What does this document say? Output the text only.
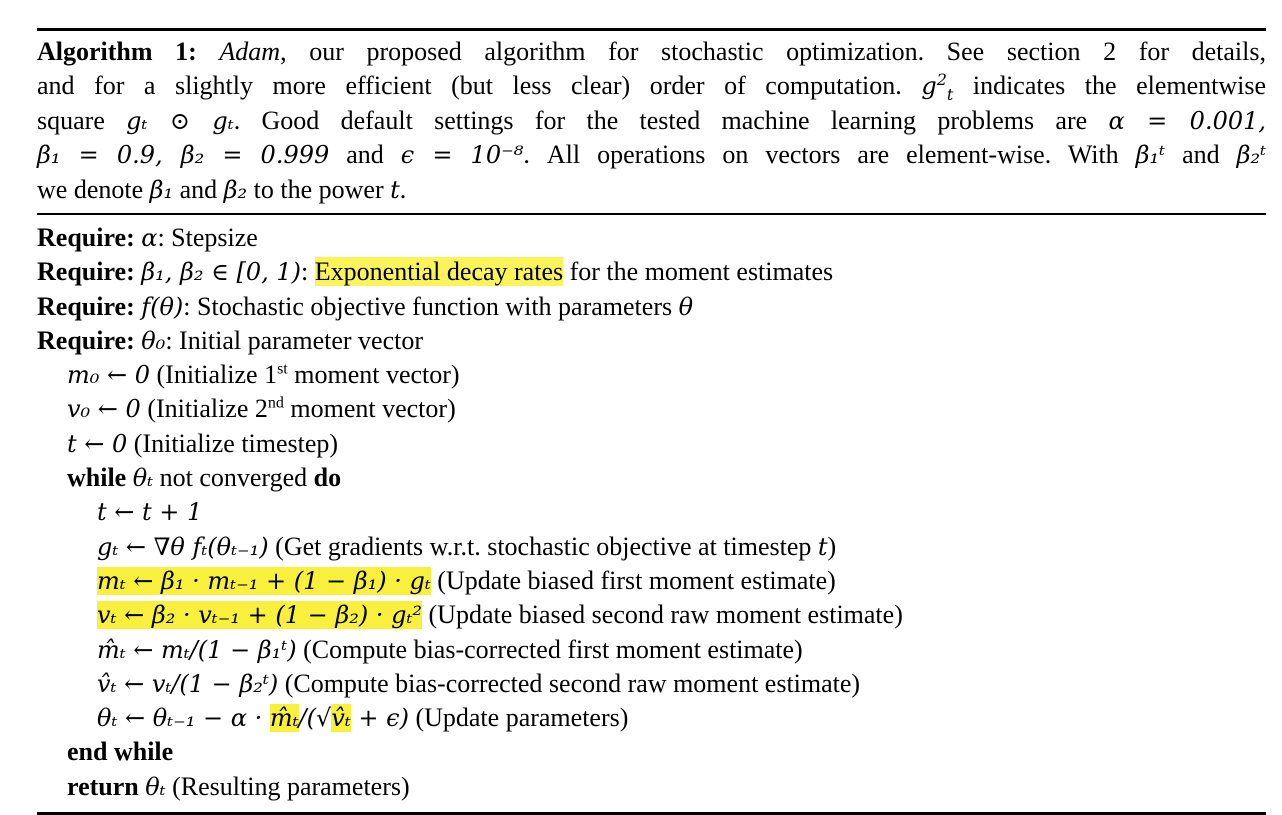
Algorithm 1: Adam, our proposed algorithm for stochastic optimization. See section 2 for details,
and for a slightly more efficient (but less clear) order of computation. $g^2_t$ indicates the elementwise
square gₜ ⊙ gₜ. Good default settings for the tested machine learning problems are α = 0.001,
β₁ = 0.9, β₂ = 0.999 and ϵ = 10⁻⁸. All operations on vectors are element-wise. With β₁ᵗ and β₂ᵗ
we denote β₁ and β₂ to the power t.
Require: α: Stepsize
Require: β₁, β₂ ∈ [0, 1): Exponential decay rates for the moment estimates
Require: f(θ): Stochastic objective function with parameters θ
Require: θ₀: Initial parameter vector
m₀ ← 0 (Initialize 1st moment vector)
v₀ ← 0 (Initialize 2nd moment vector)
t ← 0 (Initialize timestep)
while θₜ not converged do
t ← t + 1
gₜ ← ∇θ fₜ(θₜ₋₁) (Get gradients w.r.t. stochastic objective at timestep t)
mₜ ← β₁ · mₜ₋₁ + (1 − β₁) · gₜ (Update biased first moment estimate)
vₜ ← β₂ · vₜ₋₁ + (1 − β₂) · gₜ² (Update biased second raw moment estimate)
m̂ₜ ← mₜ/(1 − β₁ᵗ) (Compute bias-corrected first moment estimate)
v̂ₜ ← vₜ/(1 − β₂ᵗ) (Compute bias-corrected second raw moment estimate)
θₜ ← θₜ₋₁ − α · m̂ₜ/(√v̂ₜ + ϵ) (Update parameters)
end while
return θₜ (Resulting parameters)
